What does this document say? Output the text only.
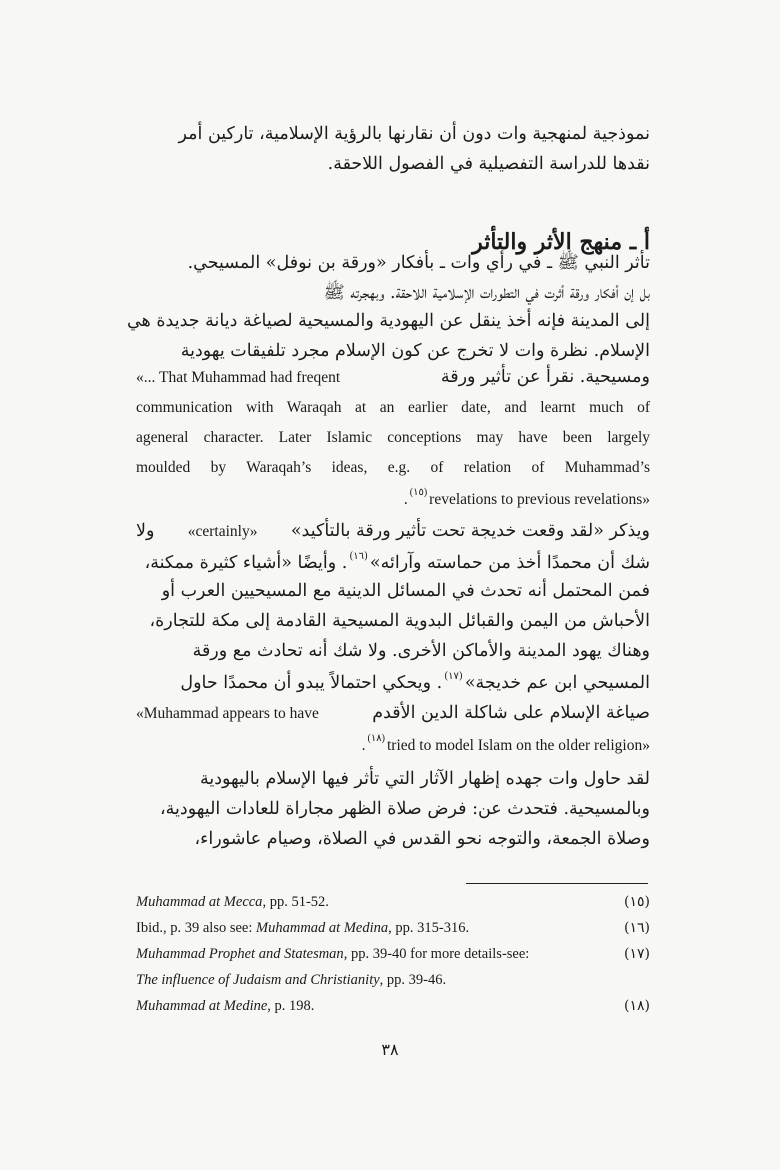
نموذجية لمنهجية وات دون أن نقارنها بالرؤية الإسلامية، تاركين أمر
نقدها للدراسة التفصيلية في الفصول اللاحقة.
أ ـ منهج الأثر والتأثر
تأثر النبي ﷺ ـ في رأي وات ـ بأفكار «ورقة بن نوفل» المسيحي.
بل إن أفكار ورقة أثرت في التطورات الإسلامية اللاحقة. وبهجرته ﷺ
إلى المدينة فإنه أخذ ينقل عن اليهودية والمسيحية لصياغة ديانة جديدة هي
الإسلام. نظرة وات لا تخرج عن كون الإسلام مجرد تلفيقات يهودية
«... That Muhammad had freqent	ومسيحية. نقرأ عن تأثير ورقة
communication with Waraqah at an earlier date, and learnt much of
ageneral character. Later Islamic conceptions may have been largely
moulded by Waraqah’s ideas, e.g. of relation of Muhammad’s
. $^{(١٥)}$ revelations to previous revelations»
ولا «certainly» ويذكر «لقد وقعت خديجة تحت تأثير ورقة بالتأكيد»
شك أن محمدًا أخذ من حماسته وآرائه»$^{(١٦)}$. وأيضًا «أشياء كثيرة ممكنة،
فمن المحتمل أنه تحدث في المسائل الدينية مع المسيحيين العرب أو
الأحباش من اليمن والقبائل البدوية المسيحية القادمة إلى مكة للتجارة،
وهناك يهود المدينة والأماكن الأخرى. ولا شك أنه تحادث مع ورقة
المسيحي ابن عم خديجة»$^{(١٧)}$. ويحكي احتمالاً يبدو أن محمدًا حاول
«Muhammad appears to have	صياغة الإسلام على شاكلة الدين الأقدم
. $^{(١٨)}$ tried to model Islam on the older religion»
لقد حاول وات جهده إظهار الآثار التي تأثر فيها الإسلام باليهودية
وبالمسيحية. فتحدث عن: فرض صلاة الظهر مجاراة للعادات اليهودية،
وصلاة الجمعة، والتوجه نحو القدس في الصلاة، وصيام عاشوراء،
Muhammad at Mecca, pp. 51-52.	(١٥)
Ibid., p. 39 also see: Muhammad at Medina, pp. 315-316.	(١٦)
Muhammad Prophet and Statesman, pp. 39-40 for more details-see:	(١٧)
The influence of Judaism and Christianity, pp. 39-46.
Muhammad at Medine, p. 198.	(١٨)
٣٨
